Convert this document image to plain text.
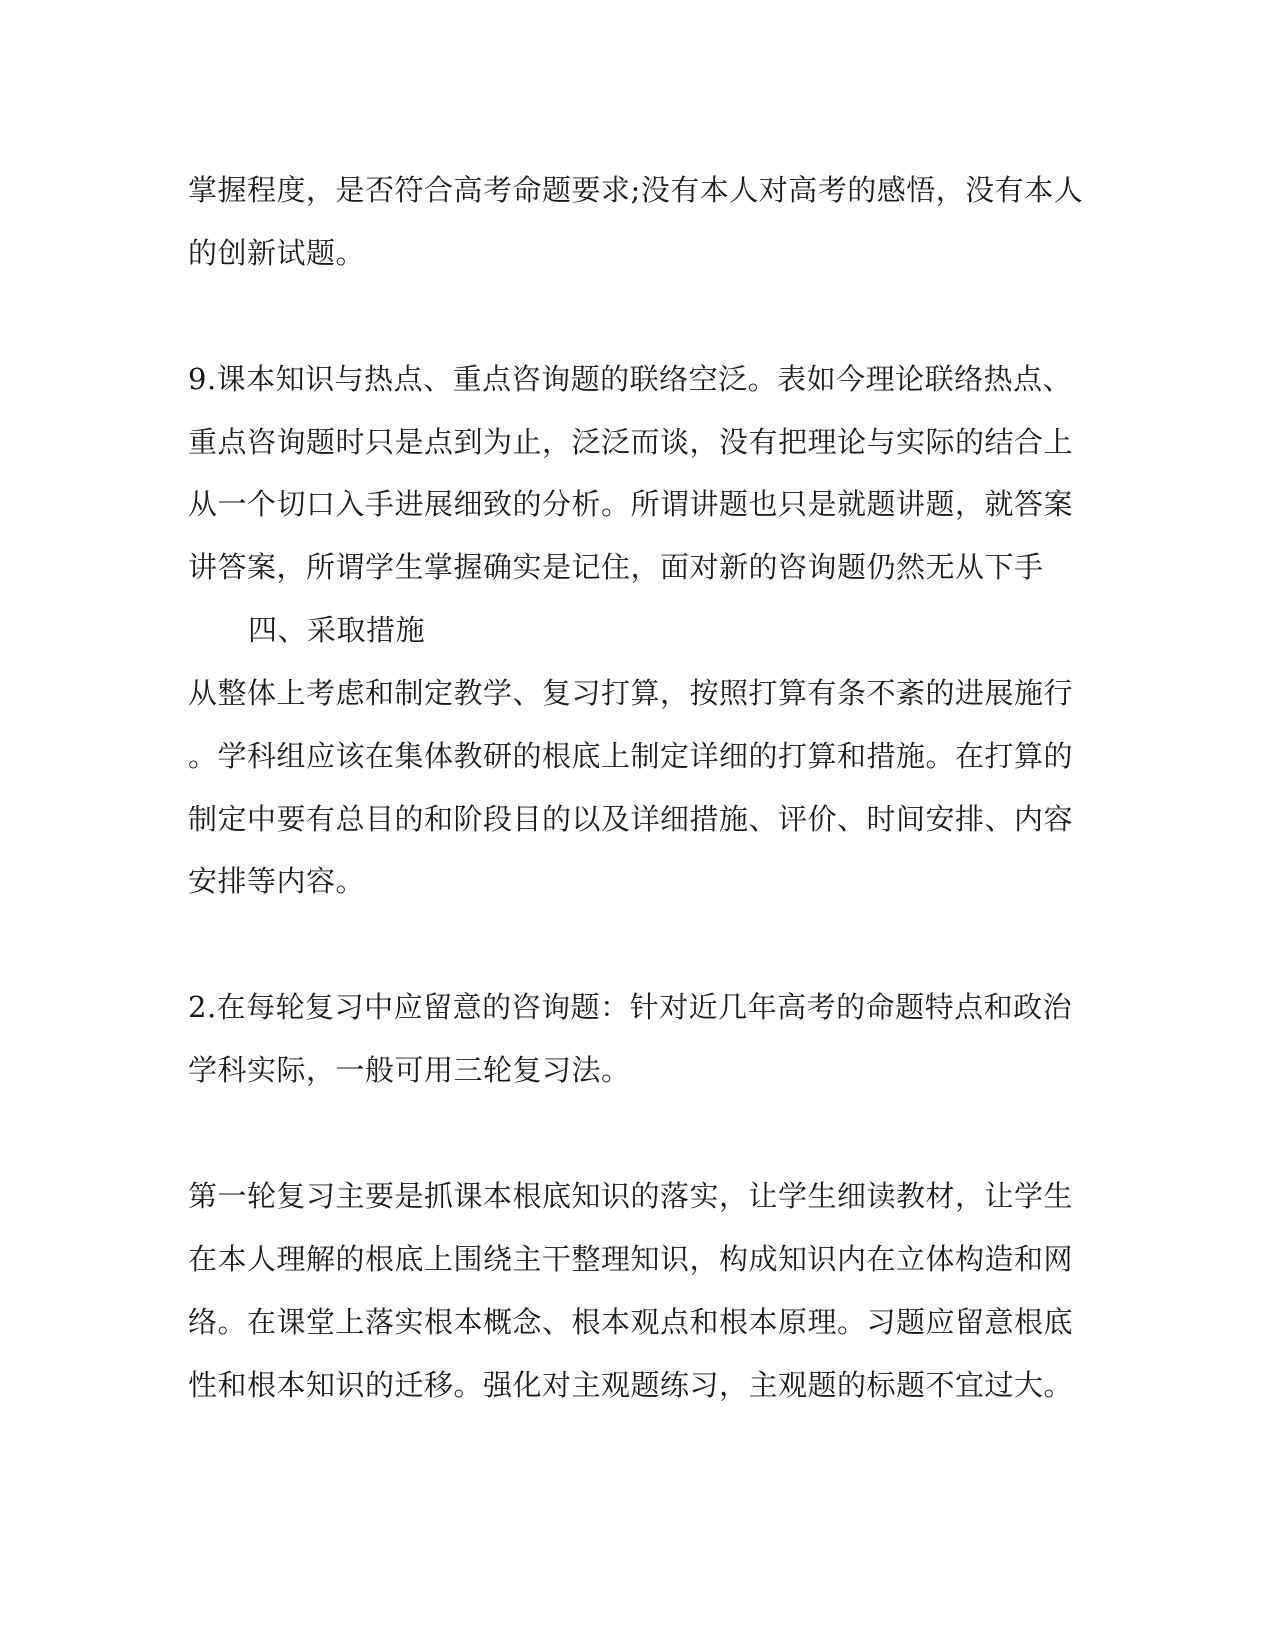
掌握程度，是否符合高考命题要求;没有本人对高考的感悟，没有本人
的创新试题。
9.课本知识与热点、重点咨询题的联络空泛。表如今理论联络热点、
重点咨询题时只是点到为止，泛泛而谈，没有把理论与实际的结合上
从一个切口入手进展细致的分析。所谓讲题也只是就题讲题，就答案
讲答案，所谓学生掌握确实是记住，面对新的咨询题仍然无从下手
四、采取措施
从整体上考虑和制定教学、复习打算，按照打算有条不紊的进展施行
。学科组应该在集体教研的根底上制定详细的打算和措施。在打算的
制定中要有总目的和阶段目的以及详细措施、评价、时间安排、内容
安排等内容。
2.在每轮复习中应留意的咨询题：针对近几年高考的命题特点和政治
学科实际，一般可用三轮复习法。
第一轮复习主要是抓课本根底知识的落实，让学生细读教材，让学生
在本人理解的根底上围绕主干整理知识，构成知识内在立体构造和网
络。在课堂上落实根本概念、根本观点和根本原理。习题应留意根底
性和根本知识的迁移。强化对主观题练习，主观题的标题不宜过大。
